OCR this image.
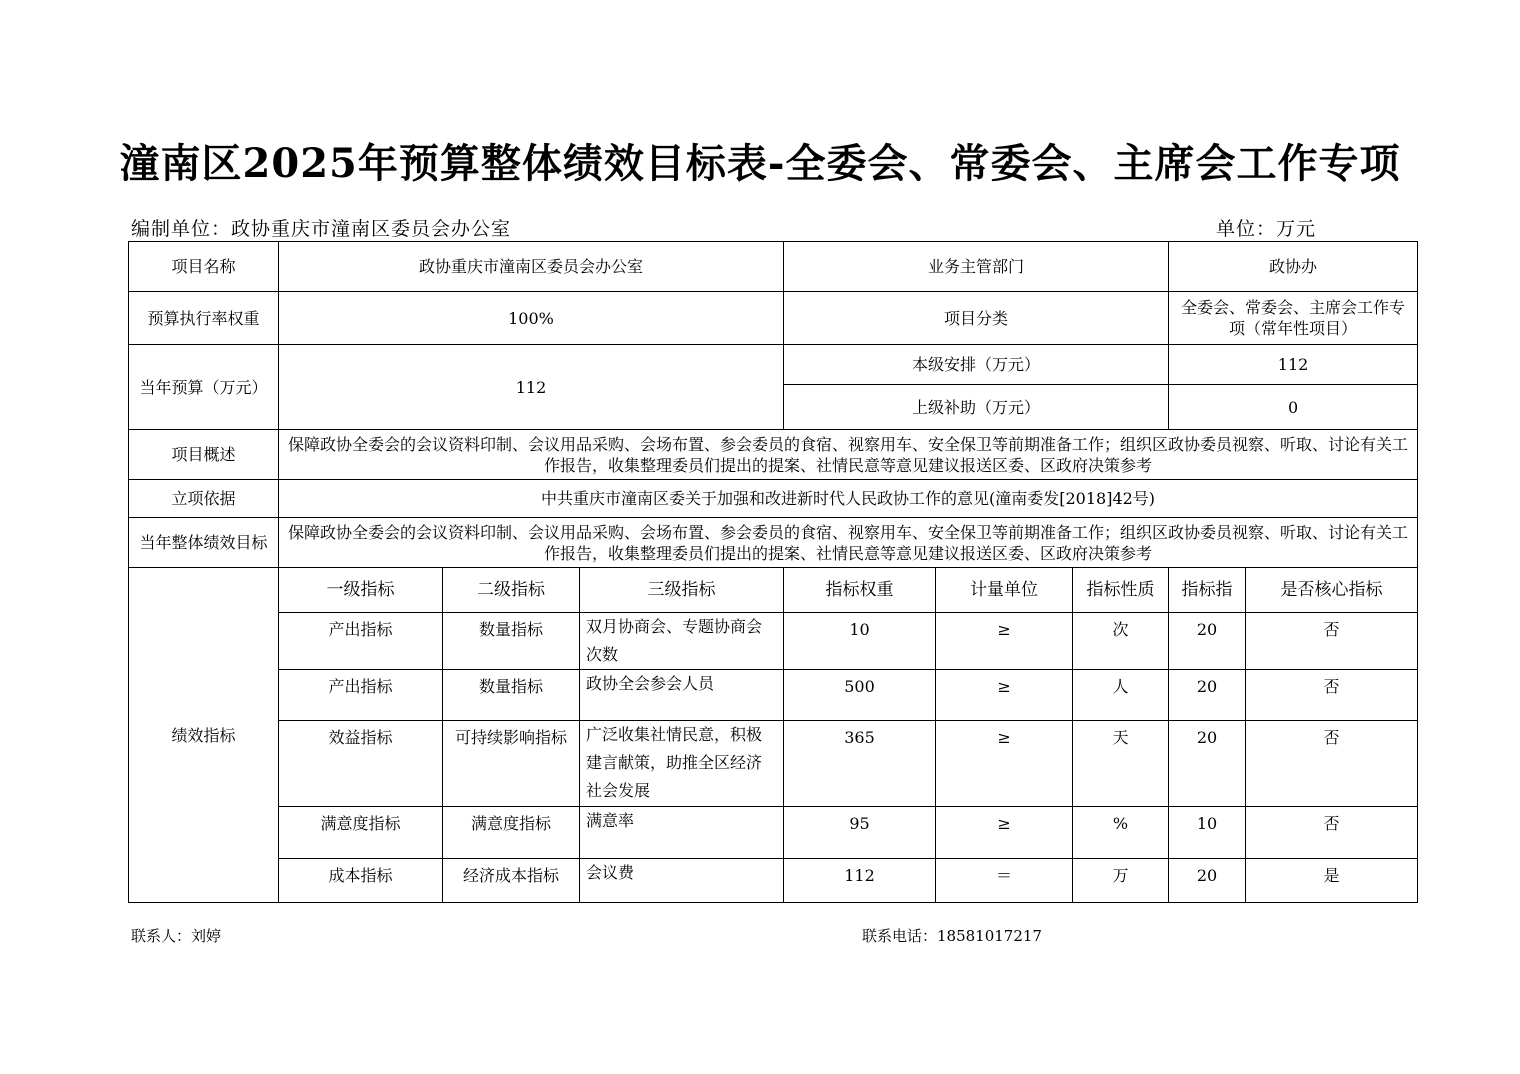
潼南区2025年预算整体绩效目标表-全委会、常委会、主席会工作专项
编制单位：政协重庆市潼南区委员会办公室	单位：万元
项目名称	政协重庆市潼南区委员会办公室			业务主管部门			政协办	
预算执行率权重	100%			项目分类			全委会、常委会、主席会工作专项（常年性项目）	
当年预算（万元）	112			本级安排（万元）			112	
				上级补助（万元）			0	
项目概述	保障政协全委会的会议资料印制、会议用品采购、会场布置、参会委员的食宿、视察用车、安全保卫等前期准备工作；组织区政协委员视察、听取、讨论有关工作报告，收集整理委员们提出的提案、社情民意等意见建议报送区委、区政府决策参考							
立项依据	中共重庆市潼南区委关于加强和改进新时代人民政协工作的意见(潼南委发[2018]42号)							
当年整体绩效目标	保障政协全委会的会议资料印制、会议用品采购、会场布置、参会委员的食宿、视察用车、安全保卫等前期准备工作；组织区政协委员视察、听取、讨论有关工作报告，收集整理委员们提出的提案、社情民意等意见建议报送区委、区政府决策参考							
绩效指标	一级指标	二级指标	三级指标	指标权重	计量单位	指标性质	指标指	是否核心指标
	产出指标	数量指标	双月协商会、专题协商会次数	10	≥	次	20	否
	产出指标	数量指标	政协全会参会人员	500	≥	人	20	否
	效益指标	可持续影响指标	广泛收集社情民意，积极建言献策，助推全区经济社会发展	365	≥	天	20	否
	满意度指标	满意度指标	满意率	95	≥	%	10	否
	成本指标	经济成本指标	会议费	112	＝	万	20	是
联系人：刘婷	联系电话：18581017217
